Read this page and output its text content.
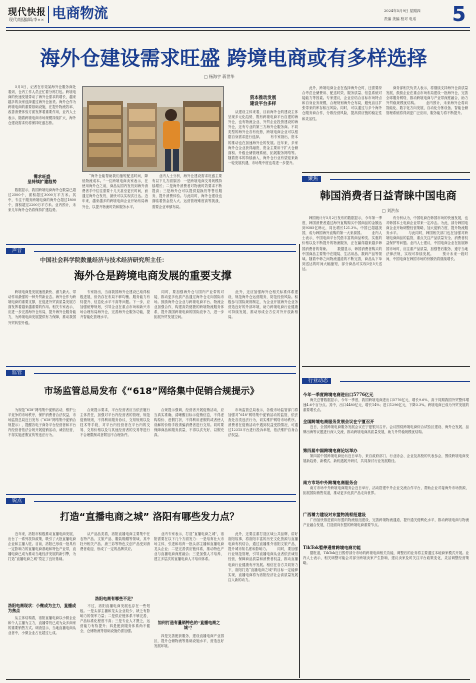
现代快报
现代商报 编辑/李×× 电商物流	2024年5月9日 星期四
责编 美编 校对 电话 5
海外仓建设需求旺盛 跨境电商或有多样选择
□ 杨海宇 蒋世华
　　5月5日，记者在东莞某海外仓服务商处看到，仓内工作人员正忙着分拣打包。跨境电商的快速发展带动了海外仓需求的增长，越来越多的卖家选择通过海外仓备货。海外仓作为跨境电商的重要基础设施，在提升物流效率、改善消费体验方面发挥着重要作用，业内人士表示，随着跨境电商市场规模持续扩大，海外仓建设需求仍将保持旺盛态势。
需求旺盛
呈持续扩建趋势
　　数据显示，我国跨境电商海外仓数量已超过2500个，面积超过3000万平方米。其中，专注于服务跨境电商的海外仓超过1800个，面积超过2200万平方米。业内预计，未来几年海外仓仍将保持扩建趋势。
　　“海外仓能帮助我们缩短配送时间，降低物流成本。”一位跨境电商卖家表示，在使用海外仓之前，商品从国内发货到海外消费者手中往往需要十几天甚至更长时间，而通过海外仓发货，最快可以实现次日达。近年来，越来越多的跨境电商企业开始布局海外仓，以提升物流时效和服务水平。
　　业内人士分析，海外仓建设需求旺盛主要有以下几方面原因：一是跨境电商交易规模持续增长；二是海外消费者对物流时效要求不断提高；三是海外仓可以提供退换货等售后服务，提升消费体验。与此同时，海外仓建设也面临着资金投入大、运营管理难度高等挑战，需要企业审慎布局。
资本推动发展
建设平台多样
　　从建设主体来看，目前海外仓的建设主体呈现多元化趋势，既有跨境电商平台自建的海外仓，也有物流企业、外贸企业投资建设的海外仓，还有专业的第三方海外仓服务商。不同类型的海外仓各有优势，跨境电商企业可以根据自身需求进行选择。 　　有专家指出，资本的推动也在加速海外仓的发展。近年来，多家海外仓企业获得融资，资金主要用于扩大仓储面积、升级仓储管理系统、拓展服务网络等。随着资本的持续涌入，海外仓行业有望迎来新一轮发展机遇，市场集中度也将进一步提升。
　　此外，跨境电商企业在选择海外仓时，还需要综合考虑仓储费用、配送时效、服务质量、信息系统对接能力等因素。专家建议，企业应结合目标市场特点和自身业务规模，合理规划海外仓布局，避免盲目扩张带来的库存积压风险。同时，可以通过与多个海外仓服务商合作，分散经营风险，提高供应链的稳定性和灵活性。
　　商务部相关负责人表示，将继续支持海外仓高质量发展，鼓励企业在重点市场布局建设一批海外仓，完善全球服务网络，推动跨境电商与产业带深度融合，助力外贸稳规模优结构。 　　业内预计，未来海外仓将向智能化、数字化方向发展，自动化分拣设备、智能仓储管理系统将得到更广泛应用，服务能力将不断提升。
聚焦
韩国消费者日益青睐中国电商
□ 刘洪东
　　韩国统计厅5月2日发布的数据显示，今年第一季度，韩国消费者通过海外直购购买中国商品的金额达到9385亿韩元，同比增长121.3%。中国已超越美国，成为韩国海外直购的第一大来源国。 　　业内人士表示，中国电商平台凭借丰富的商品种类、实惠的价格以及不断提升的物流服务，正在赢得越来越多韩国消费者的青睐。 　　数据显示，韩国消费者购买的中国商品主要集中在服装、生活用品、数码产品等领域。随着中韩之间物流通道的不断完善，商品从下单到送达的时间大幅缩短，部分商品可实现3至5天送达。
　　有分析认为，中国电商在韩国市场的快速发展，也对韩国本土电商企业带来一定冲击。为此，部分韩国电商企业开始调整经营策略，加大促销力度，提升物流服务水平。 　　与此同时，韩国相关部门也在加强对跨境电商商品的监管，重点关注产品质量安全、消费者权益保护等问题。业内人士建议，中国电商企业在拓展韩国市场时，应注重产品质量，加强售后服务，遵守当地法律法规，实现可持续发展。 　　预计未来一段时间，中国电商在韩国市场的份额仍将继续增长。
声音
中国社会科学院数量经济与技术经济研究所主任：
海外仓是跨境电商发展的重要支撑
　　跨境电商是发展速度最快、潜力最大、带动作用最强的一种外贸新业态。海外仓作为跨境电商的重要支撑，在促进外贸高质量发展方面发挥着越来越重要的作用。相关专家表示，应进一步完善海外仓布局，提升海外仓服务能力，为跨境电商发展提供有力保障，推动我国外贸转型升级。
　　专家指出，当前我国海外仓建设已取得积极进展，但仍存在布局不够均衡、服务能力有待提升、信息化水平不高等问题。下一步，应加强统筹规划，引导企业在重点市场和新兴市场合理布局海外仓，完善海外仓服务功能，提升智能化管理水平。
　　同时，要加强海外仓与国内产业带的对接，推动更多优质产品通过海外仓走向国际市场。鼓励海外仓企业与跨境电商平台、物流企业加强合作，构建高效便捷的跨境物流服务体系，提升我国跨境电商的国际竞争力，进一步拓展外贸发展空间。
　　此外，还应加强海外仓相关标准体系建设，规范海外仓运营服务，防范经营风险。积极参与国际规则制定，为企业开展海外仓业务营造良好的外部环境，助力跨境电商行业健康可持续发展，推动形成全方位对外开放新格局。
监管
市场监管总局发布《“618”网络集中促销合规提示》
　　为规范“618”网络集中促销活动，维护公平竞争的市场秩序，保护消费者合法权益，市场监管总局近日发布《“618”网络集中促销合规提示》，提醒各电子商务平台经营者和平台内经营者依法合规开展促销活动，诚信经营，不得实施虚假宣传等违法行为。
　　合规提示要求，平台经营者应当依法履行主体责任，加强对平台内经营者的管理，规范促销规则，不得利用服务协议、交易规则以及技术等手段，对平台内经营者在平台内的交易、交易价格以及与其他经营者的交易等进行不合理限制或者附加不合理条件。
　　合规提示强调，经营者开展促销活动，应当真实准确，清晰醒目标示促销信息，不得虚构原价、虚假打折，不得利用虚假的或者使人误解的价格手段诱骗消费者进行交易。同时要保障商品和服务质量，不得以次充好、以假充真。
　　市场监管总局表示，各级市场监管部门将加强对“618”网络集中促销活动的监管，依法查处各类违法行为，切实维护网络市场秩序。消费者在促销活动中遇到权益受损情况，可通过12315平台进行投诉举报，依法维护自身合法权益。
行业动态
今年一季度跨境电商进出口5776亿元
　　海关总署数据显示，今年一季度，我国跨境电商进出口5776亿元，增长9.6%，高于同期我国外贸整体增速4.6个百分点。其中，出口4480亿元，增长14%；进口1296亿元，下降3.3%。跨境电商已成为外贸发展的重要增长点。
全国跨境电商服务发展会议在宁夏召开
　　近日，全国跨境电商服务发展会议在宁夏银川召开。会议围绕跨境电商综合试验区建设、海外仓发展、品牌出海等议题进行深入交流，推动跨境电商高质量发展，助力外贸稳规模优结构。
第四届中国跨境电商论坛举办
　　第四届中国跨境电商论坛近日举办，来自政府部门、行业协会、企业及高校的代表参会，围绕跨境电商发展新趋势、新模式、新机遇展开研讨，共同探讨行业发展路径。
南方市场中外跨境电商服务会
　　南方市场中外跨境电商服务会近日举行，活动搭建中外企业交流合作平台，帮助企业对接海外市场资源，拓展国际销售渠道，推动更多优质产品走向世界。
广西着力建设对东盟物流枢纽建设
　　广西加快推进面向东盟的物流枢纽建设，完善跨境物流通道，提升通关便利化水平，推动跨境电商与物流产业融合发展，打造面向东盟的跨境电商重要节点。
TikTok暂停通常跨境电商功能
　　据报道，TikTok近日暂停部分市场的跨境电商相关功能，调整后的业务将主要通过本地商家模式开展。业内人士表示，相关调整可能会对部分跨境卖家产生影响，建议卖家及时关注平台政策变化，灵活调整经营策略。
锐点
打造“直播电商之城” 洛阳有哪些发力点？
　　近年来，洛阳市积极推动直播电商发展，出台了一系列扶持政策，吸引了大批直播电商企业和主播入驻。目前，洛阳已形成一批具有一定影响力的直播电商基地和特色产业带，直播电商已成为推动当地经济发展的新引擎，为打造“直播电商之城”奠定了良好基础。
洛阳电商现状：小微成为主力，直播成为焦点
　　从主体结构看，洛阳直播电商以小微企业和个人主播为主力，直播带货已成为众多商家的重要销售方式。调查显示，当地直播电商从业者中，小微企业占比超过七成。
　　从产品品类看，洛阳直播电商主要集中在农特产品、文旅产品、服装鞋帽等领域，其中牡丹相关产品、唐三彩等特色文创产品受到消费者欢迎，形成了一定的品牌效应。
洛阳电商有哪些不足？
　　不过，洛阳直播电商发展也存在一些短板。一是头部主播和龙头企业较少，缺乏有影响力的领军力量；二是供应链体系不够完善，产品标准化程度不高；三是专业人才匮乏，运营能力有待提升；四是配套服务体系尚不健全，仓储物流等基础设施仍需加强。
　　业内专家表示，打造“直播电商之城”，洛阳需要在以下几个方面发力：一是培育壮大市场主体，引进和培育一批头部主播和直播电商龙头企业；二是完善供应链体系，推动特色产业与直播电商深度融合；三是加强人才培养，建立多层次的直播电商人才培训体系。
如何打造有量销特色的“直播电商之城”？
　　四是完善配套服务，建设直播电商产业园区，提升仓储物流等基础设施水平，营造良好发展环境。
　　此外，还要注重打造区域公共品牌，讲好洛阳故事，将洛阳丰富的历史文化资源与直播电商有机结合，通过直播推介洛阳文旅产品，提升城市知名度和影响力。 　　同时，要加强行业规范管理，引导直播电商从业者依法诚信经营，保障商品质量和消费者权益，推动直播电商行业健康有序发展。相信在各方共同努力下，洛阳打造“直播电商之城”的目标一定能够实现，直播电商将为洛阳经济社会高质量发展注入新的动力。
